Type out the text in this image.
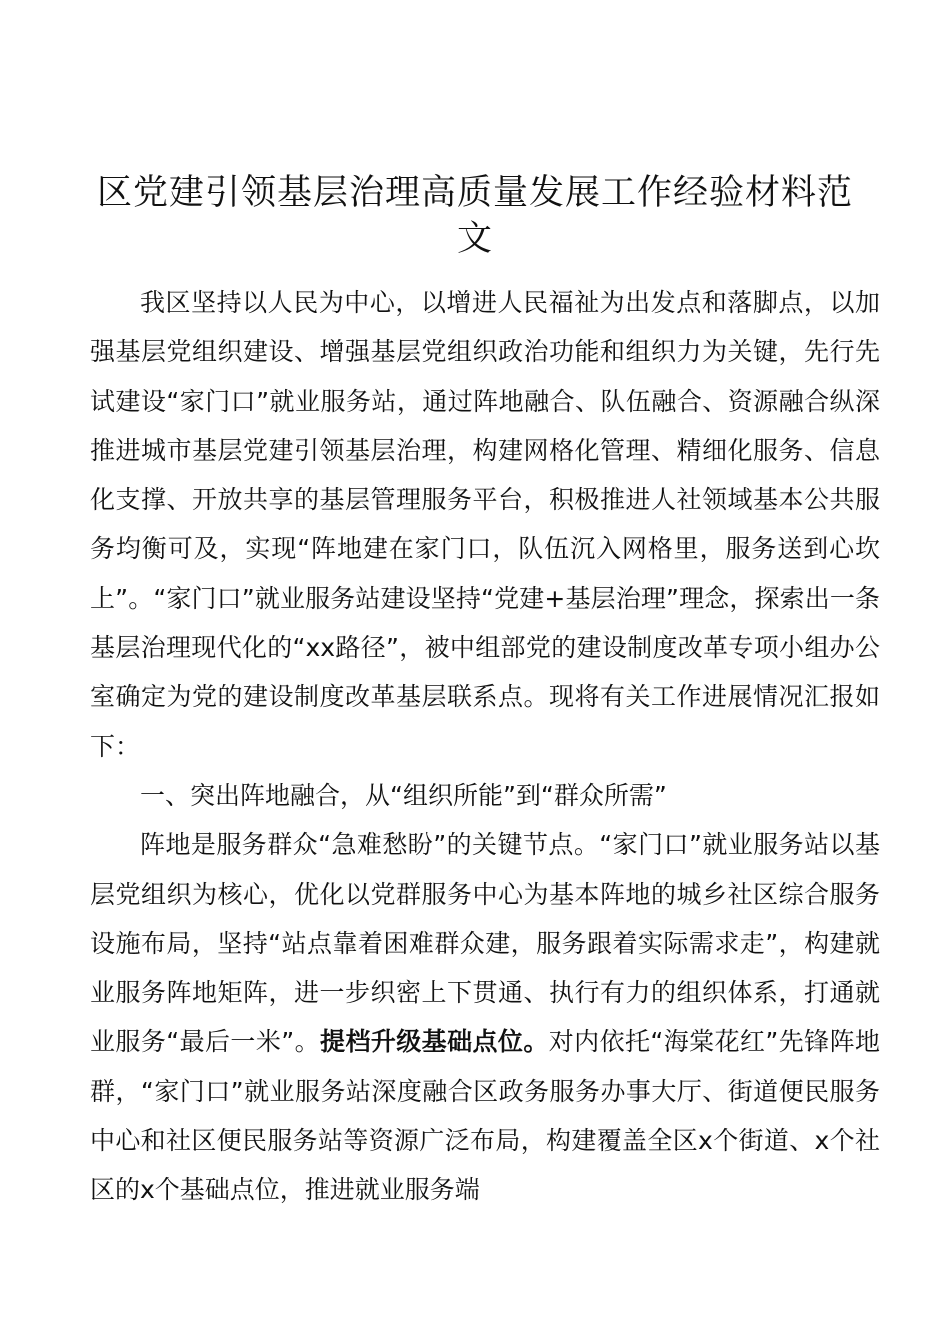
区党建引领基层治理高质量发展工作经验材料范文

我区坚持以人民为中心，以增进人民福祉为出发点和落脚点，以加强基层党组织建设、增强基层党组织政治功能和组织力为关键，先行先试建设“家门口”就业服务站，通过阵地融合、队伍融合、资源融合纵深推进城市基层党建引领基层治理，构建网格化管理、精细化服务、信息化支撑、开放共享的基层管理服务平台，积极推进人社领域基本公共服务均衡可及，实现“阵地建在家门口，队伍沉入网格里，服务送到心坎上”。“家门口”就业服务站建设坚持“党建+基层治理”理念，探索出一条基层治理现代化的“xx路径”，被中组部党的建设制度改革专项小组办公室确定为党的建设制度改革基层联系点。现将有关工作进展情况汇报如下：

一、突出阵地融合，从“组织所能”到“群众所需”

阵地是服务群众“急难愁盼”的关键节点。“家门口”就业服务站以基层党组织为核心，优化以党群服务中心为基本阵地的城乡社区综合服务设施布局，坚持“站点靠着困难群众建，服务跟着实际需求走”，构建就业服务阵地矩阵，进一步织密上下贯通、执行有力的组织体系，打通就业服务“最后一米”。提档升级基础点位。对内依托“海棠花红”先锋阵地群，“家门口”就业服务站深度融合区政务服务办事大厅、街道便民服务中心和社区便民服务站等资源广泛布局，构建覆盖全区x个街道、x个社区的x个基础点位，推进就业服务端
